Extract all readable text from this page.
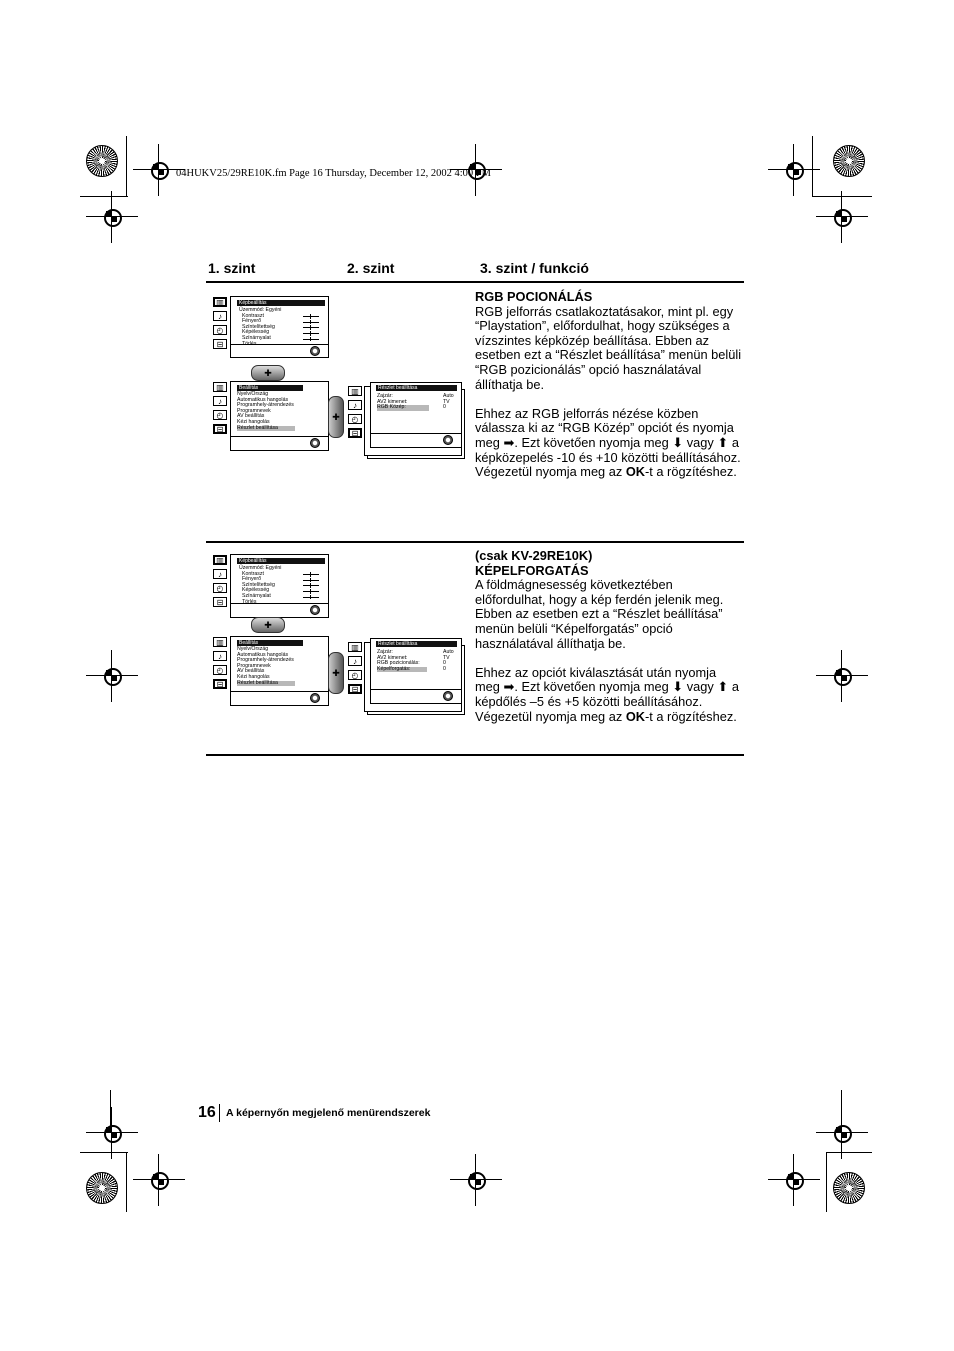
04HUKV25/29RE10K.fm Page 16 Thursday, December 12, 2002 4:00 PM
1. szint	2. szint	3. szint / funkció
▥
♪
◴
⊟
Képbeállítás
Üzemmód: Egyéni
Kontraszt
Fényerő
Színtelítettség
Képélesség
Színárnyalat
Törlés
✚
▥
♪
◴
⊟
Beállítás
Nyelv/Ország
Automatikus hangolás
Programhely-átrendezés
Programnevek
AV beállítás
Kézi hangolás
Részlet beállítása
✚
▥
♪
◴
⊟
Részlet beállítása
Zajzár:	Auto
AV2 kimenet:	TV
RGB Közép:	0

RGB POCIONÁLÁS

RGB jelforrás csatlakoztatásakor, mint pl. egy “Playstation”, előfordulhat, hogy szükséges a vízszintes képközép beállítása. Ebben az esetben ezt a “Részlet beállítása” menün belüli “RGB pozicionálás” opció használatával állíthatja be.

Ehhez az RGB jelforrás nézése közben válassza ki az “RGB Közép” opciót és nyomja meg ➡. Ezt követően nyomja meg ⬇ vagy ⬆ a képközepelés -10 és +10 közötti beállításához. Végezetül nyomja meg az OK-t a rögzítéshez.

▥
♪
◴
⊟
Képbeállítás
Üzemmód: Egyéni
Kontraszt
Fényerő
Színtelítettség
Képélesség
Színárnyalat
Törlés
✚
▥
♪
◴
⊟
Beállítás
Nyelv/Ország
Automatikus hangolás
Programhely-átrendezés
Programnevek
AV beállítás
Kézi hangolás
Részlet beállítása
✚
▥
♪
◴
⊟
Részlet beállítása
Zajzár:	Auto
AV2 kimenet:	TV
RGB pozicionálás:	0
Képelforgatás:	0

(csak KV-29RE10K)

KÉPELFORGATÁS

A földmágnesesség következtében előfordulhat, hogy a kép ferdén jelenik meg. Ebben az esetben ezt a “Részlet beállítása” menün belüli “Képelforgatás” opció használatával állíthatja be.

Ehhez az opciót kiválasztását után nyomja meg ➡. Ezt követően nyomja meg ⬇ vagy ⬆ a képdőlés –5 és +5 közötti beállításához. Végezetül nyomja meg az OK-t a rögzítéshez.

16 A képernyőn megjelenő menürendszerek
